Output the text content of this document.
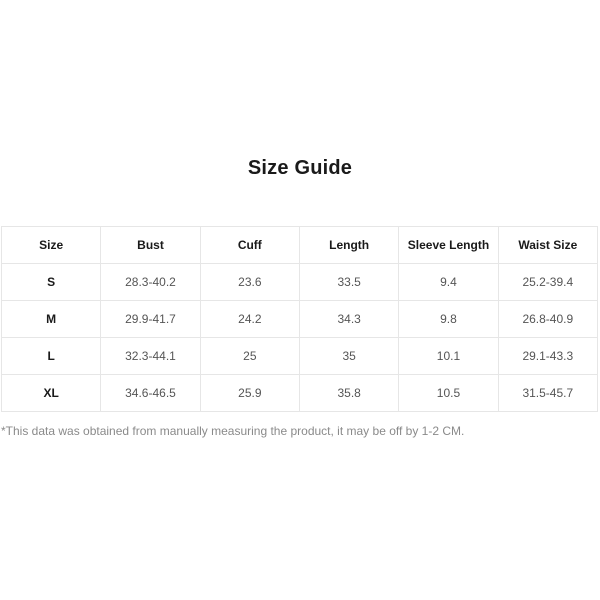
Size Guide
Size	Bust	Cuff	Length	Sleeve Length	Waist Size
S	28.3-40.2	23.6	33.5	9.4	25.2-39.4
M	29.9-41.7	24.2	34.3	9.8	26.8-40.9
L	32.3-44.1	25	35	10.1	29.1-43.3
XL	34.6-46.5	25.9	35.8	10.5	31.5-45.7
*This data was obtained from manually measuring the product, it may be off by 1-2 CM.
